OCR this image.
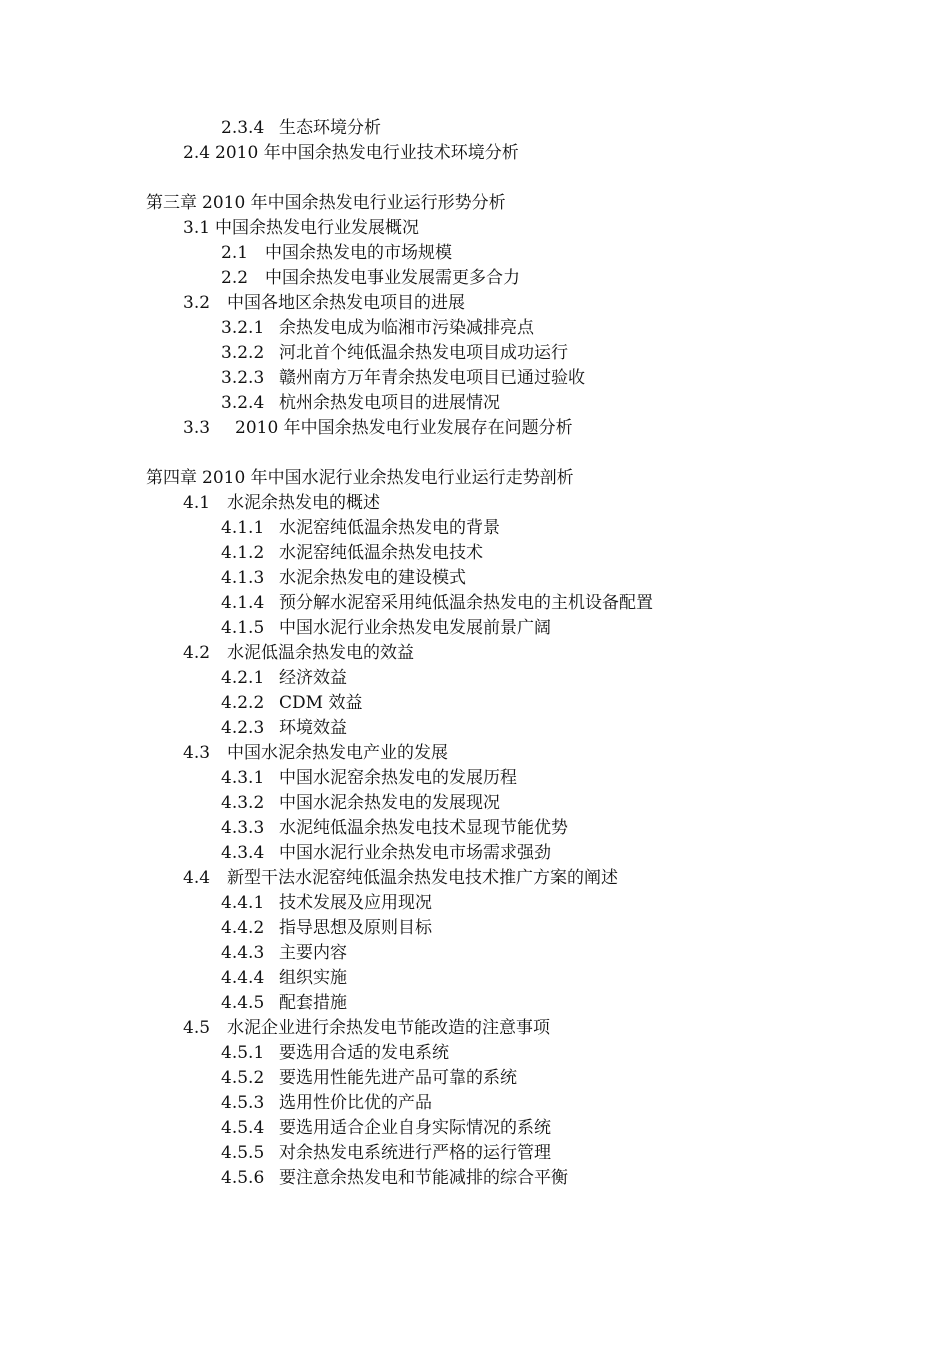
2.3.4 生态环境分析
2.4 2010 年中国余热发电行业技术环境分析
第三章 2010 年中国余热发电行业运行形势分析
3.1 中国余热发电行业发展概况
2.1 中国余热发电的市场规模
2.2 中国余热发电事业发展需更多合力
3.2 中国各地区余热发电项目的进展
3.2.1 余热发电成为临湘市污染减排亮点
3.2.2 河北首个纯低温余热发电项目成功运行
3.2.3 赣州南方万年青余热发电项目已通过验收
3.2.4 杭州余热发电项目的进展情况
3.3 2010 年中国余热发电行业发展存在问题分析
第四章 2010 年中国水泥行业余热发电行业运行走势剖析
4.1 水泥余热发电的概述
4.1.1 水泥窑纯低温余热发电的背景
4.1.2 水泥窑纯低温余热发电技术
4.1.3 水泥余热发电的建设模式
4.1.4 预分解水泥窑采用纯低温余热发电的主机设备配置
4.1.5 中国水泥行业余热发电发展前景广阔
4.2 水泥低温余热发电的效益
4.2.1 经济效益
4.2.2 CDM 效益
4.2.3 环境效益
4.3 中国水泥余热发电产业的发展
4.3.1 中国水泥窑余热发电的发展历程
4.3.2 中国水泥余热发电的发展现况
4.3.3 水泥纯低温余热发电技术显现节能优势
4.3.4 中国水泥行业余热发电市场需求强劲
4.4 新型干法水泥窑纯低温余热发电技术推广方案的阐述
4.4.1 技术发展及应用现况
4.4.2 指导思想及原则目标
4.4.3 主要内容
4.4.4 组织实施
4.4.5 配套措施
4.5 水泥企业进行余热发电节能改造的注意事项
4.5.1 要选用合适的发电系统
4.5.2 要选用性能先进产品可靠的系统
4.5.3 选用性价比优的产品
4.5.4 要选用适合企业自身实际情况的系统
4.5.5 对余热发电系统进行严格的运行管理
4.5.6 要注意余热发电和节能减排的综合平衡
